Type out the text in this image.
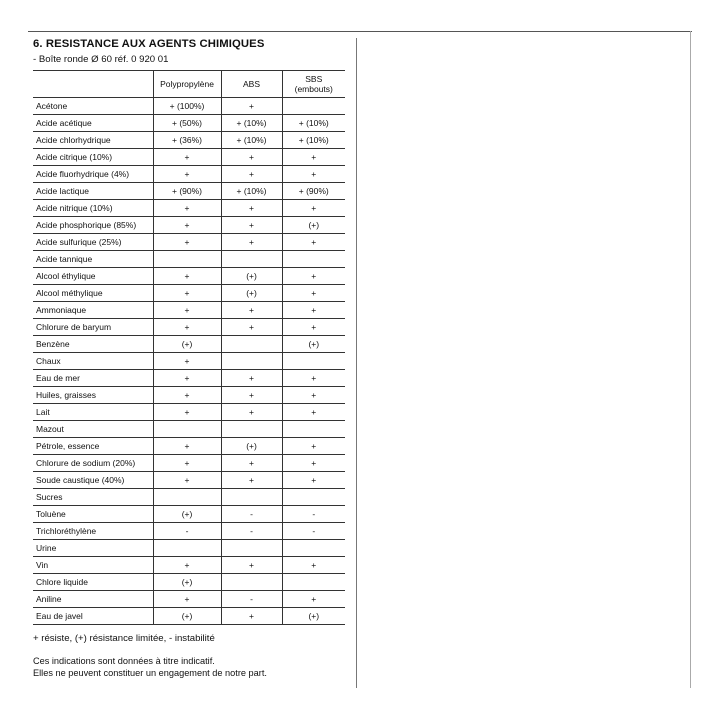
6. RESISTANCE AUX AGENTS CHIMIQUES
- Boîte ronde Ø 60 réf. 0 920 01
	Polypropylène	ABS	SBS
(embouts)
Acétone	+ (100%)	+	
Acide acétique	+ (50%)	+ (10%)	+ (10%)
Acide chlorhydrique	+ (36%)	+ (10%)	+ (10%)
Acide citrique (10%)	+	+	+
Acide fluorhydrique (4%)	+	+	+
Acide lactique	+ (90%)	+ (10%)	+ (90%)
Acide nitrique (10%)	+	+	+
Acide phosphorique (85%)	+	+	(+)
Acide sulfurique (25%)	+	+	+
Acide tannique			
Alcool éthylique	+	(+)	+
Alcool méthylique	+	(+)	+
Ammoniaque	+	+	+
Chlorure de baryum	+	+	+
Benzène	(+)		(+)
Chaux	+		
Eau de mer	+	+	+
Huiles, graisses	+	+	+
Lait	+	+	+
Mazout			
Pétrole, essence	+	(+)	+
Chlorure de sodium (20%)	+	+	+
Soude caustique (40%)	+	+	+
Sucres			
Toluène	(+)	-	-
Trichloréthylène	-	-	-
Urine			
Vin	+	+	+
Chlore liquide	(+)		
Aniline	+	-	+
Eau de javel	(+)	+	(+)
+ résiste, (+) résistance limitée, - instabilité
Ces indications sont données à titre indicatif.
Elles ne peuvent constituer un engagement de notre part.
